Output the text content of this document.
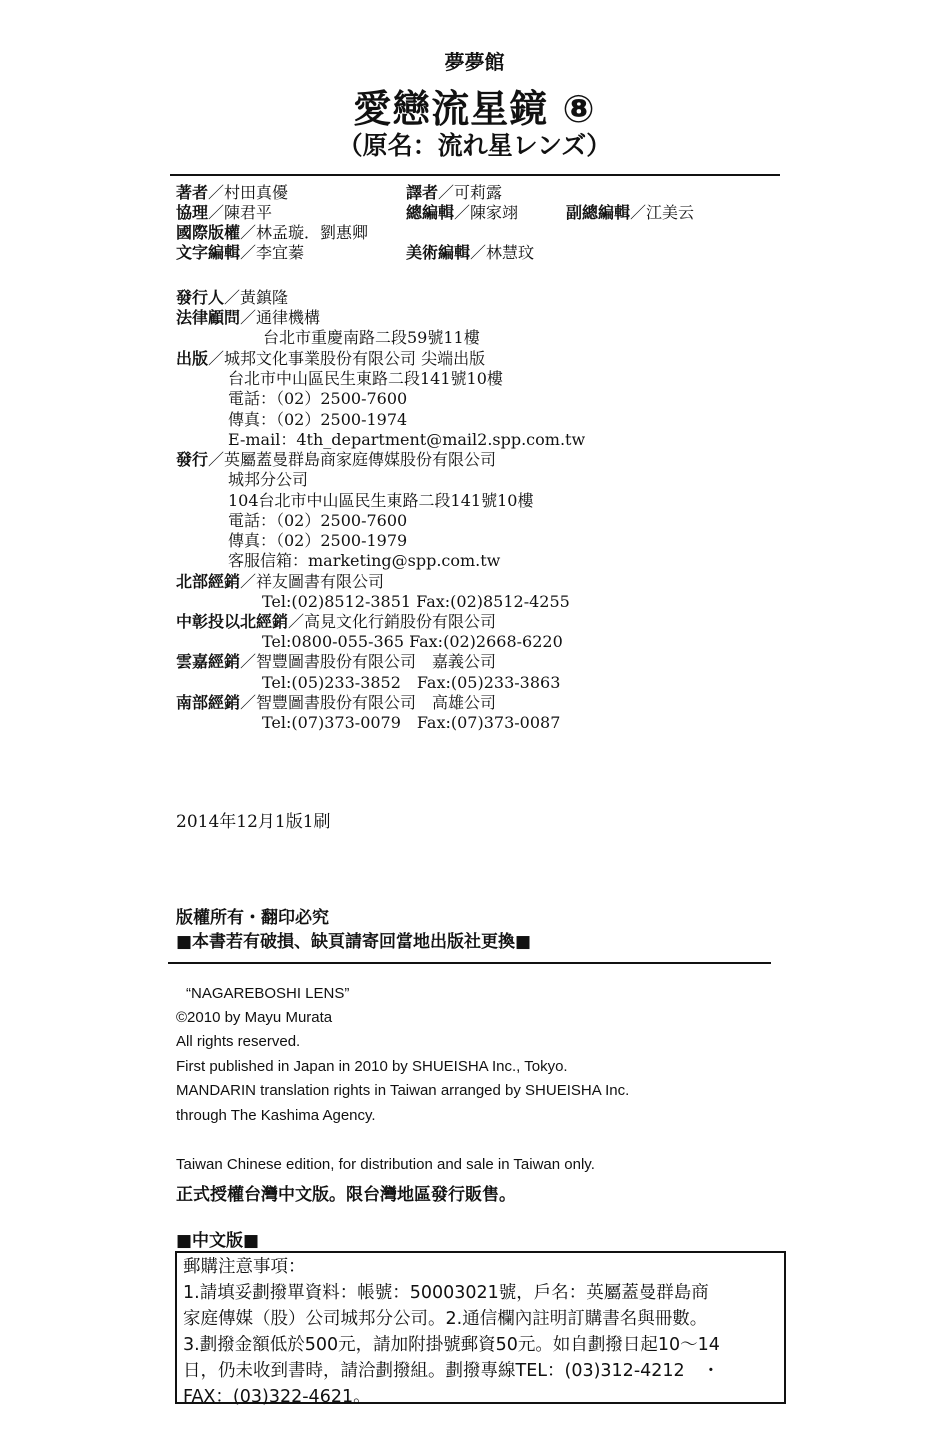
夢夢館
愛戀流星鏡 ⑧
（原名：流れ星レンズ）
著者／村田真優	譯者／可莉露
協理／陳君平	總編輯／陳家翊	副總編輯／江美云
國際版權／林孟璇．劉惠卿
文字編輯／李宜蓁	美術編輯／林慧玟
發行人／黃鎮隆
法律顧問／通律機構
台北市重慶南路二段59號11樓
出版／城邦文化事業股份有限公司 尖端出版
台北市中山區民生東路二段141號10樓
電話：（02）2500-7600
傳真：（02）2500-1974
E-mail：4th_department@mail2.spp.com.tw
發行／英屬蓋曼群島商家庭傳媒股份有限公司
城邦分公司
104台北市中山區民生東路二段141號10樓
電話：（02）2500-7600
傳真：（02）2500-1979
客服信箱：marketing@spp.com.tw
北部經銷／祥友圖書有限公司
Tel:(02)8512-3851 Fax:(02)8512-4255
中彰投以北經銷／高見文化行銷股份有限公司
Tel:0800-055-365 Fax:(02)2668-6220
雲嘉經銷／智豐圖書股份有限公司　嘉義公司
Tel:(05)233-3852　Fax:(05)233-3863
南部經銷／智豐圖書股份有限公司　高雄公司
Tel:(07)373-0079　Fax:(07)373-0087
2014年12月1版1刷
版權所有・翻印必究
■本書若有破損、缺頁請寄回當地出版社更換■
“NAGAREBOSHI LENS”
©2010 by Mayu Murata
All rights reserved.
First published in Japan in 2010 by SHUEISHA Inc., Tokyo.
MANDARIN translation rights in Taiwan arranged by SHUEISHA Inc.
through The Kashima Agency.
Taiwan Chinese edition, for distribution and sale in Taiwan only.
正式授權台灣中文版。限台灣地區發行販售。
■中文版■
郵購注意事項：
1.請填妥劃撥單資料：帳號：50003021號，戶名：英屬蓋曼群島商
家庭傳媒（股）公司城邦分公司。2.通信欄內註明訂購書名與冊數。
3.劃撥金額低於500元，請加附掛號郵資50元。如自劃撥日起10～14
日，仍未收到書時，請洽劃撥組。劃撥專線TEL：(03)312-4212　・
FAX：(03)322-4621。
